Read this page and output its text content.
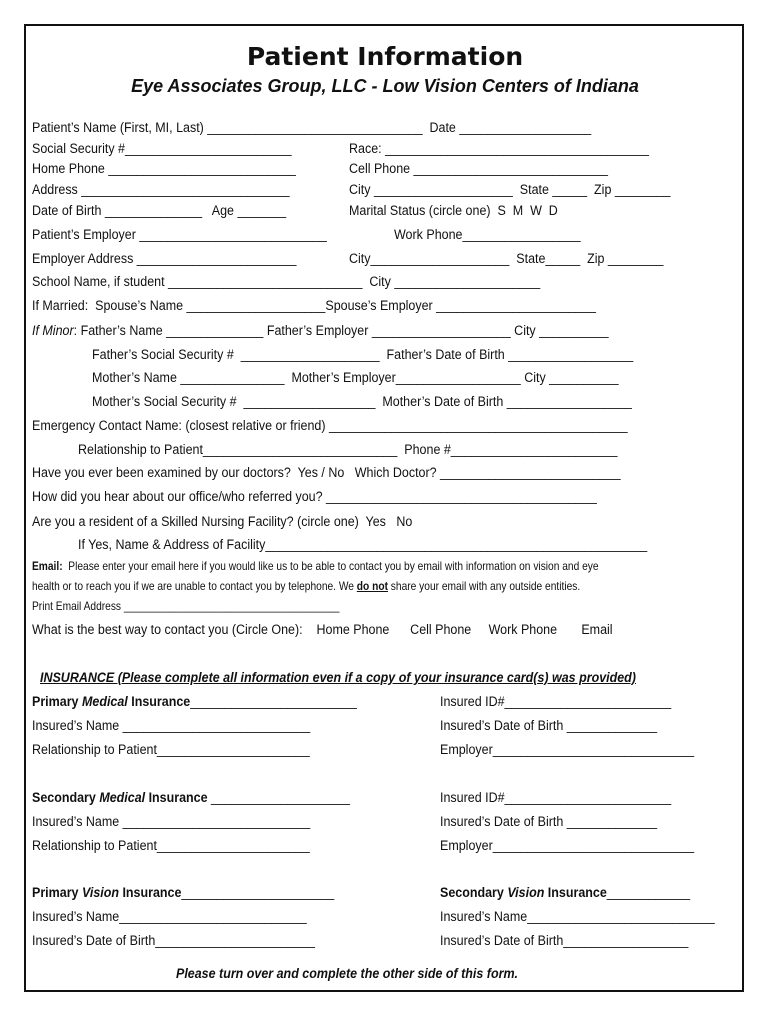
Patient Information
Eye Associates Group, LLC - Low Vision Centers of Indiana
Patient’s Name (First, MI, Last) _______________________________  Date ___________________
Social Security #________________________	Race: ______________________________________
Home Phone ___________________________	Cell Phone ____________________________
Address ______________________________	City ____________________  State _____  Zip ________
Date of Birth ______________   Age _______	Marital Status (circle one)  S  M  W  D
Patient’s Employer ___________________________	Work Phone_________________
Employer Address _______________________	City____________________  State_____  Zip ________
School Name, if student ____________________________  City _____________________
If Married:  Spouse’s Name ____________________Spouse’s Employer _______________________
If Minor: Father’s Name ______________ Father’s Employer ____________________ City __________
Father’s Social Security #  ____________________  Father’s Date of Birth __________________
Mother’s Name _______________  Mother’s Employer__________________ City __________
Mother’s Social Security #  ___________________  Mother’s Date of Birth __________________
Emergency Contact Name: (closest relative or friend) ___________________________________________
Relationship to Patient____________________________  Phone #________________________
Have you ever been examined by our doctors?  Yes / No   Which Doctor? __________________________
How did you hear about our office/who referred you? _______________________________________
Are you a resident of a Skilled Nursing Facility? (circle one)  Yes   No
If Yes, Name & Address of Facility_______________________________________________________
Email:  Please enter your email here if you would like us to be able to contact you by email with information on vision and eye
health or to reach you if we are unable to contact you by telephone. We do not share your email with any outside entities.
Print Email Address ______________________________________
What is the best way to contact you (Circle One):    Home Phone      Cell Phone     Work Phone       Email
INSURANCE (Please complete all information even if a copy of your insurance card(s) was provided)
Primary Medical Insurance________________________	Insured ID#________________________
Insured’s Name ___________________________	Insured’s Date of Birth _____________
Relationship to Patient______________________	Employer_____________________________
Secondary Medical Insurance ____________________	Insured ID#________________________
Insured’s Name ___________________________	Insured’s Date of Birth _____________
Relationship to Patient______________________	Employer_____________________________
Primary Vision Insurance______________________	Secondary Vision Insurance____________
Insured’s Name___________________________	Insured’s Name___________________________
Insured’s Date of Birth_______________________	Insured’s Date of Birth__________________
Please turn over and complete the other side of this form.
